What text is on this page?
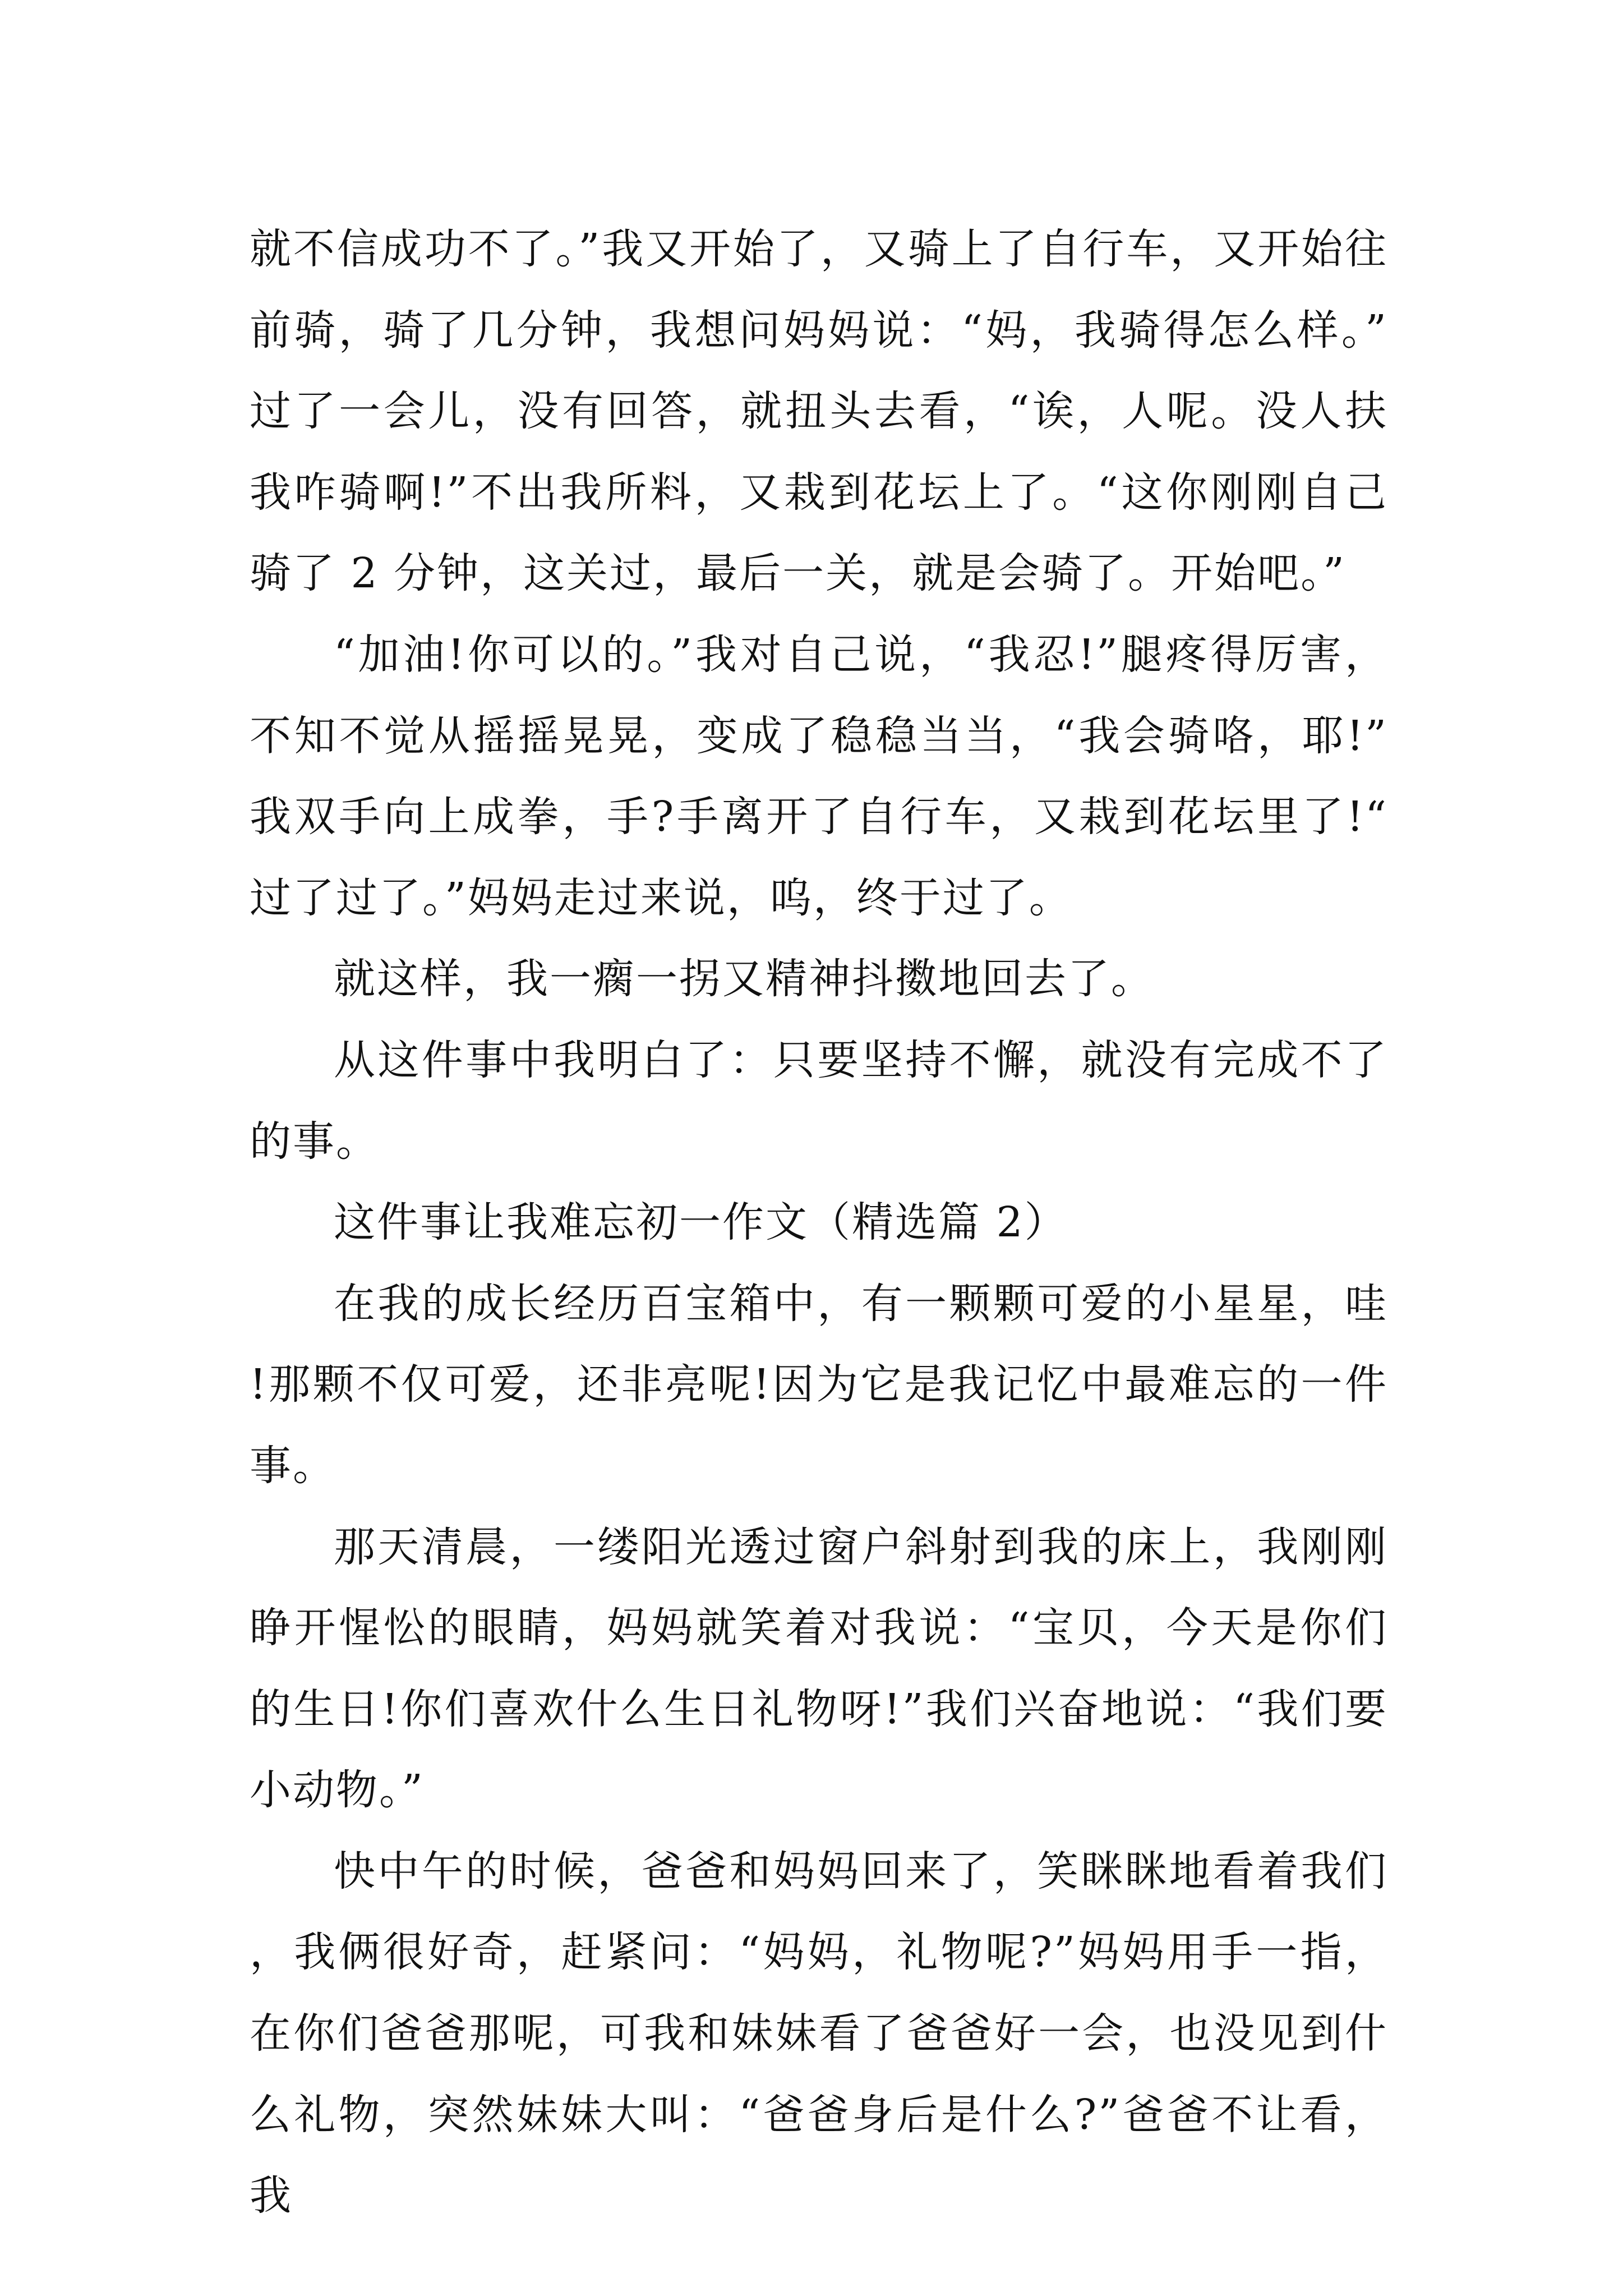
就不信成功不了。”我又开始了，又骑上了自行车，又开始往前骑，骑了几分钟，我想问妈妈说：“妈，我骑得怎么样。”过了一会儿，没有回答，就扭头去看，“诶，人呢。没人扶我咋骑啊!”不出我所料，又栽到花坛上了。“这你刚刚自己骑了 2 分钟，这关过，最后一关，就是会骑了。开始吧。”

“加油!你可以的。”我对自己说，“我忍!”腿疼得厉害，不知不觉从摇摇晃晃，变成了稳稳当当，“我会骑咯，耶!”我双手向上成拳，手?手离开了自行车，又栽到花坛里了!“过了过了。”妈妈走过来说，呜，终于过了。

就这样，我一瘸一拐又精神抖擞地回去了。

从这件事中我明白了：只要坚持不懈，就没有完成不了的事。

这件事让我难忘初一作文（精选篇 2）

在我的成长经历百宝箱中，有一颗颗可爱的小星星，哇!那颗不仅可爱，还非亮呢!因为它是我记忆中最难忘的一件事。

那天清晨，一缕阳光透过窗户斜射到我的床上，我刚刚睁开惺忪的眼睛，妈妈就笑着对我说：“宝贝，今天是你们的生日!你们喜欢什么生日礼物呀!”我们兴奋地说：“我们要小动物。”

快中午的时候，爸爸和妈妈回来了，笑眯眯地看着我们，我俩很好奇，赶紧问：“妈妈，礼物呢?”妈妈用手一指，在你们爸爸那呢，可我和妹妹看了爸爸好一会，也没见到什么礼物，突然妹妹大叫：“爸爸身后是什么?”爸爸不让看，我
